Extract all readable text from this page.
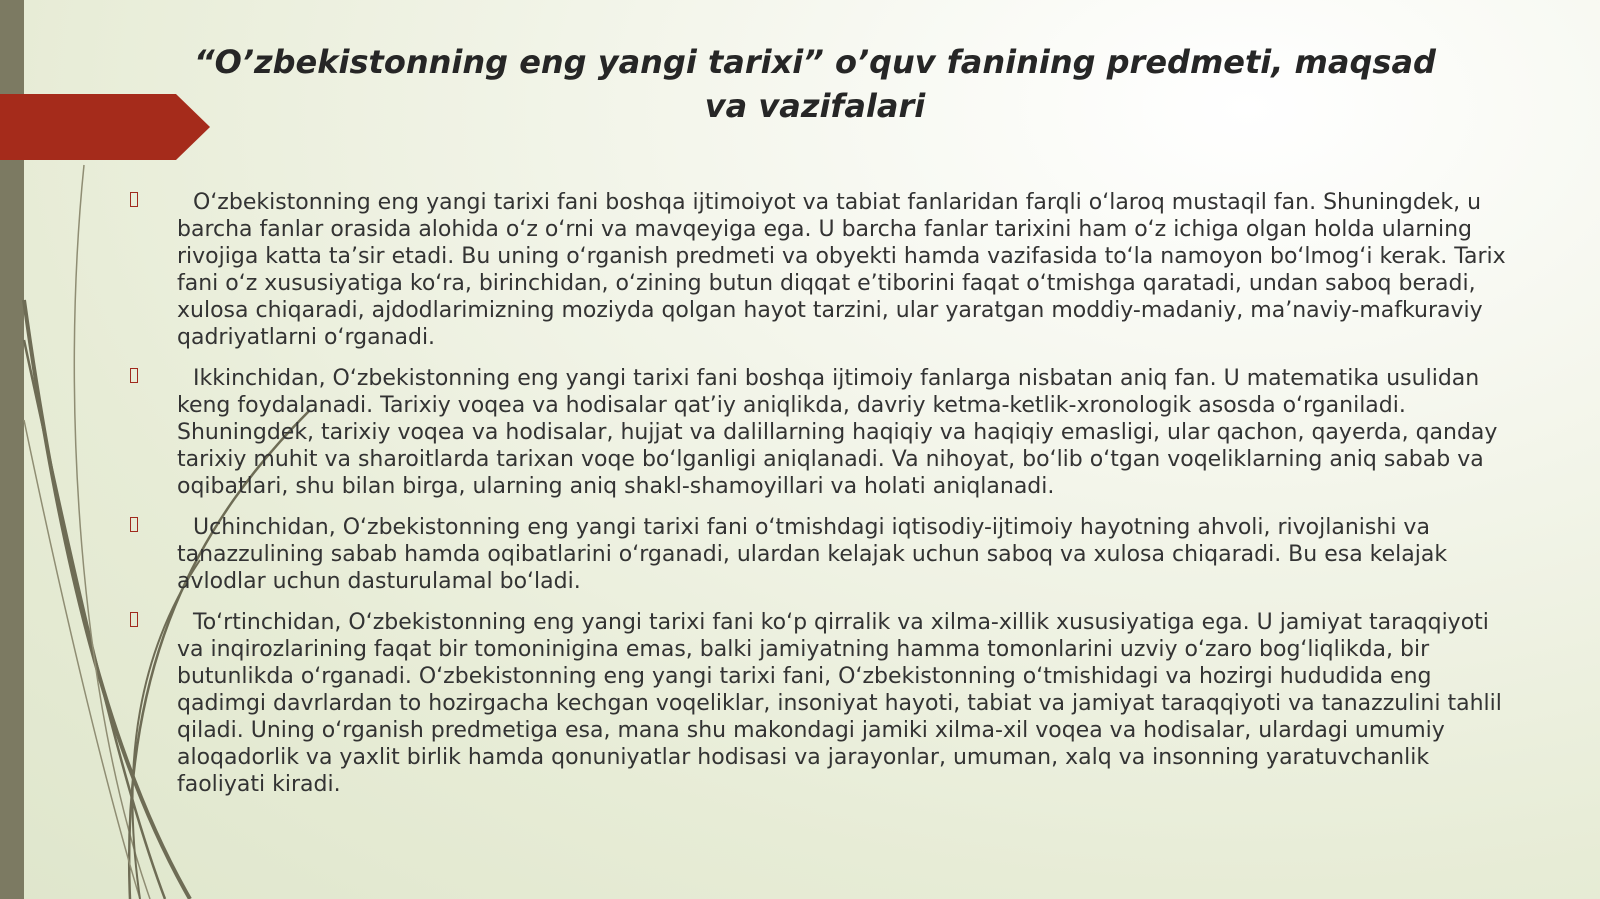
“O’zbekistonning eng yangi tarixi” o’quv fanining predmeti, maqsad va vazifalari
O‘zbekistonning eng yangi tarixi fani boshqa ijtimoiyot va tabiat fanlaridan farqli o‘laroq mustaqil fan. Shuningdek, u barcha fanlar orasida alohida o‘z o‘rni va mavqeyiga ega. U barcha fanlar tarixini ham o‘z ichiga olgan holda ularning rivojiga katta ta’sir etadi. Bu uning o‘rganish predmeti va obyekti hamda vazifasida to‘la namoyon bo‘lmog‘i kerak. Tarix fani o‘z xususiyatiga ko‘ra, birinchidan, o‘zining butun diqqat e’tiborini faqat o‘tmishga qaratadi, undan saboq beradi, xulosa chiqaradi, ajdodlarimizning moziyda qolgan hayot tarzini, ular yaratgan moddiy-madaniy, ma’naviy-mafkuraviy qadriyatlarni o‘rganadi.
Ikkinchidan, O‘zbekistonning eng yangi tarixi fani boshqa ijtimoiy fanlarga nisbatan aniq fan. U matematika usulidan keng foydalanadi. Tarixiy voqea va hodisalar qat’iy aniqlikda, davriy ketma-ketlik-xronologik asosda o‘rganiladi. Shuningdek, tarixiy voqea va hodisalar, hujjat va dalillarning haqiqiy va haqiqiy emasligi, ular qachon, qayerda, qanday tarixiy muhit va sharoitlarda tarixan voqe bo‘lganligi aniqlanadi. Va nihoyat, bo‘lib o‘tgan voqeliklarning aniq sabab va oqibatlari, shu bilan birga, ularning aniq shakl-shamoyillari va holati aniqlanadi.
Uchinchidan, O‘zbekistonning eng yangi tarixi fani o‘tmishdagi iqtisodiy-ijtimoiy hayotning ahvoli, rivojlanishi va tanazzulining sabab hamda oqibatlarini o‘rganadi, ulardan kelajak uchun saboq va xulosa chiqaradi. Bu esa kelajak avlodlar uchun dasturulamal bo‘ladi.
To‘rtinchidan, O‘zbekistonning eng yangi tarixi fani ko‘p qirralik va xilma-xillik xususiyatiga ega. U jamiyat taraqqiyoti va inqirozlarining faqat bir tomoninigina emas, balki jamiyatning hamma tomonlarini uzviy o‘zaro bog‘liqlikda, bir butunlikda o‘rganadi. O‘zbekistonning eng yangi tarixi fani, O‘zbekistonning o‘tmishidagi va hozirgi hududida eng qadimgi davrlardan to hozirgacha kechgan voqeliklar, insoniyat hayoti, tabiat va jamiyat taraqqiyoti va tanazzulini tahlil qiladi. Uning o‘rganish predmetiga esa, mana shu makondagi jamiki xilma-xil voqea va hodisalar, ulardagi umumiy aloqadorlik va yaxlit birlik hamda qonuniyatlar hodisasi va jarayonlar, umuman, xalq va insonning yaratuvchanlik faoliyati kiradi.
